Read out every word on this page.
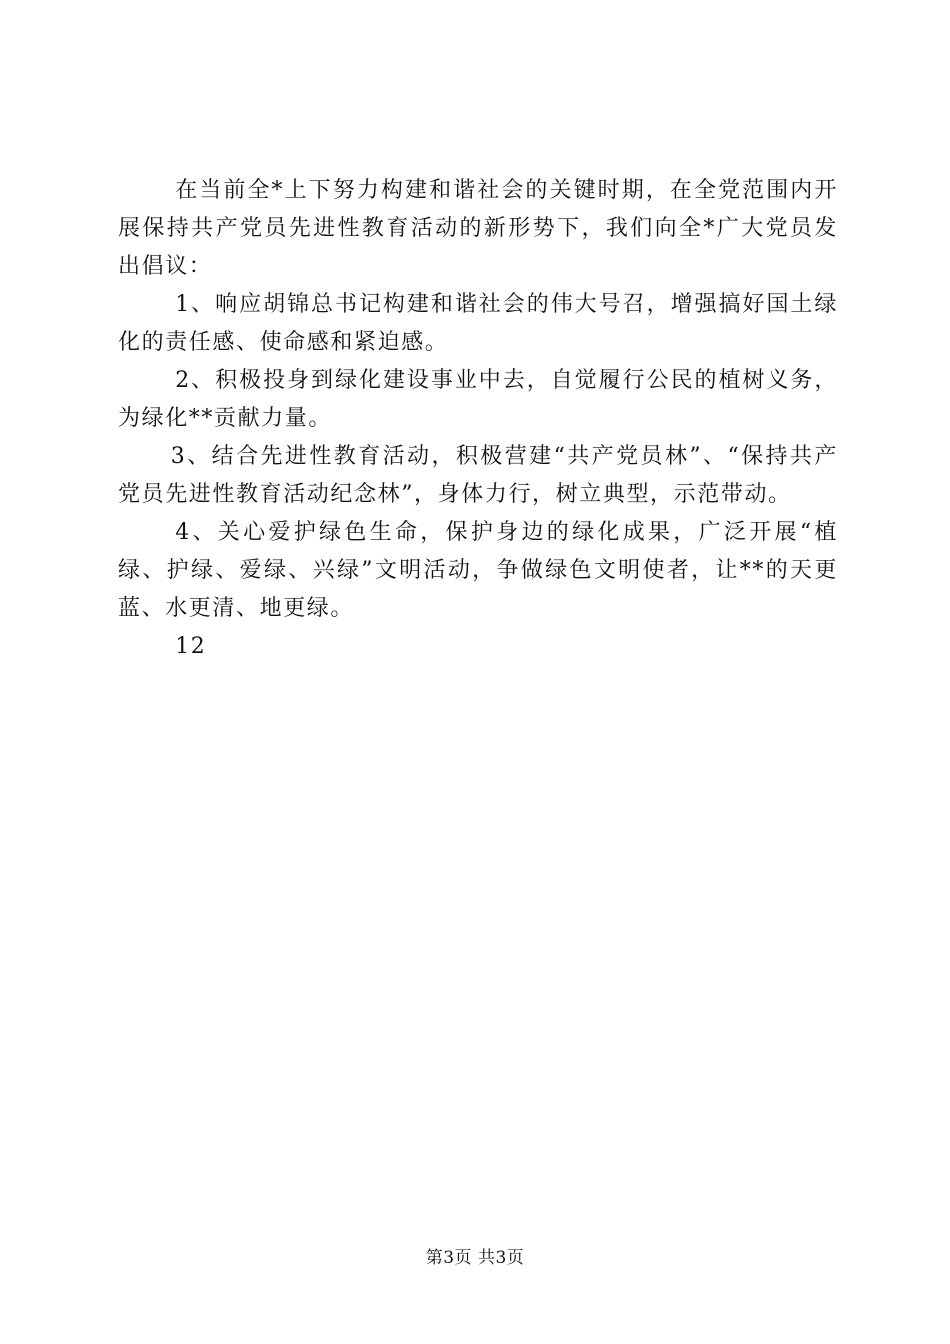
在当前全*上下努力构建和谐社会的关键时期，在全党范围内开展保持共产党员先进性教育活动的新形势下，我们向全*广大党员发出倡议：

1、响应胡锦总书记构建和谐社会的伟大号召，增强搞好国土绿化的责任感、使命感和紧迫感。

2、积极投身到绿化建设事业中去，自觉履行公民的植树义务，为绿化**贡献力量。

3、结合先进性教育活动，积极营建“共产党员林”、“保持共产党员先进性教育活动纪念林”，身体力行，树立典型，示范带动。

4、关心爱护绿色生命，保护身边的绿化成果，广泛开展“植绿、护绿、爱绿、兴绿”文明活动，争做绿色文明使者，让**的天更蓝、水更清、地更绿。

12

第3页 共3页
